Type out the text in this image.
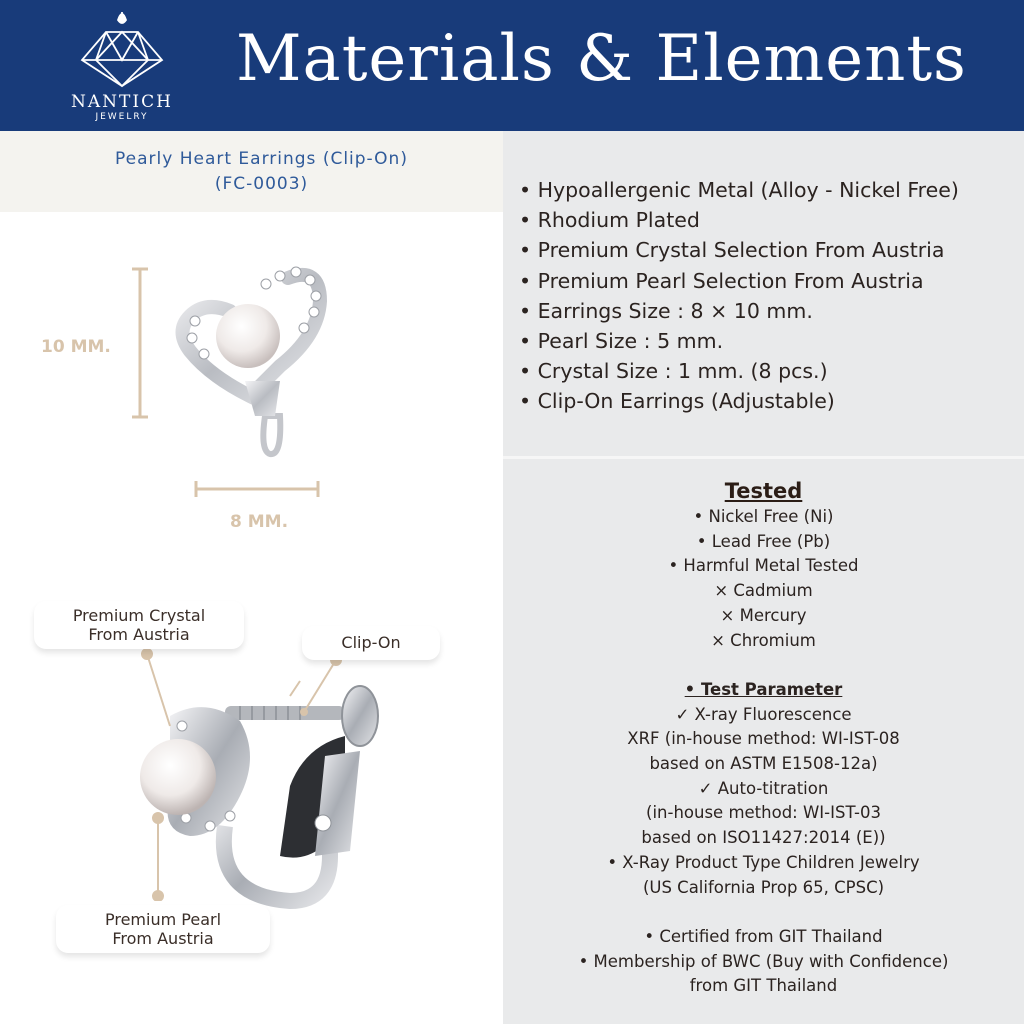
NANTICH
JEWELRY
Materials & Elements
Pearly Heart Earrings (Clip-On)
(FC-0003)
10 MM.
8 MM.
Premium Crystal
From Austria	Clip-On
Premium Pearl
From Austria
• Hypoallergenic Metal (Alloy - Nickel Free)
• Rhodium Plated
• Premium Crystal Selection From Austria
• Premium Pearl Selection From Austria
• Earrings Size : 8 × 10 mm.
• Pearl Size : 5 mm.
• Crystal Size : 1 mm. (8 pcs.)
• Clip-On Earrings (Adjustable)
Tested
• Nickel Free (Ni)
• Lead Free (Pb)
• Harmful Metal Tested
× Cadmium
× Mercury
× Chromium
• Test Parameter
✓ X-ray Fluorescence
XRF (in-house method: WI-IST-08
based on ASTM E1508-12a)
✓ Auto-titration
(in-house method: WI-IST-03
based on ISO11427:2014 (E))
• X-Ray Product Type Children Jewelry
(US California Prop 65, CPSC)
• Certified from GIT Thailand
• Membership of BWC (Buy with Confidence)
from GIT Thailand
